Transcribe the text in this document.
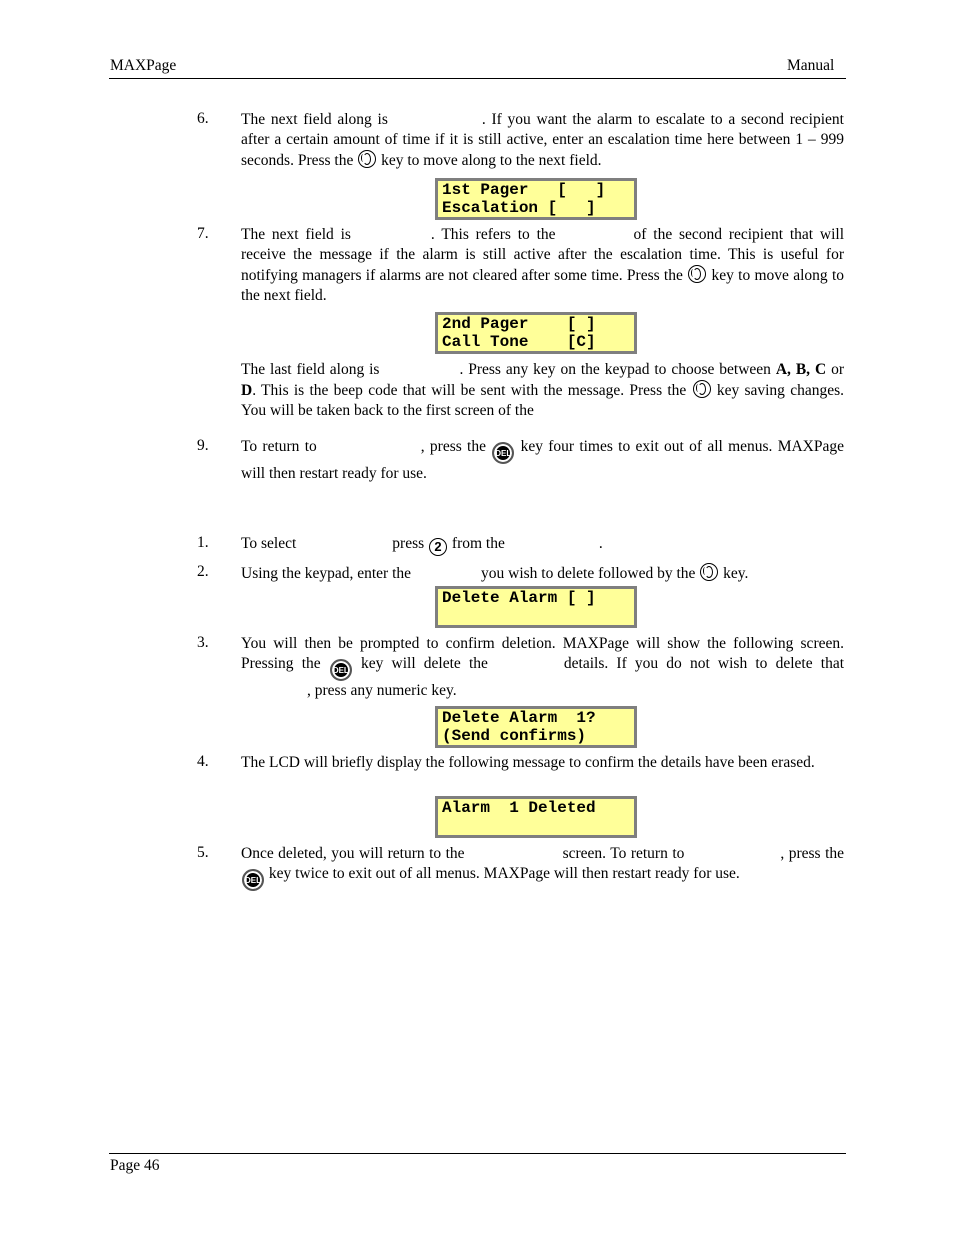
MAXPage	Manual
6. The next field along is	. If you want the alarm to escalate to a second recipient after a certain amount of time if it is still active, enter an escalation time here between 1 – 999 seconds. Press the key to move along to the next field.
1st Pager   [   ]
Escalation [   ]
7. The next field is	. This refers to the	of the second recipient that will receive the message if the alarm is still active after the escalation time. This is useful for notifying managers if alarms are not cleared after some time. Press the key to move along to the next field.
2nd Pager    [ ]
Call Tone    [C]
The last field along is	. Press any key on the keypad to choose between A, B, C or D. This is the beep code that will be sent with the message. Press the key saving changes. You will be taken back to the first screen of the
9. To return to	, press the DEL key four times to exit out of all menus. MAXPage will then restart ready for use.
1. To select	press 2 from the	.
2. Using the keypad, enter the	you wish to delete followed by the key.
Delete Alarm [ ]

3. You will then be prompted to confirm deletion. MAXPage will show the following screen. Pressing the DEL key will delete the	details. If you do not wish to delete that, press any numeric key.
Delete Alarm  1?
(Send confirms)
4. The LCD will briefly display the following message to confirm the details have been erased.
Alarm  1 Deleted

5. Once deleted, you will return to the	screen. To return to	, press the DEL key twice to exit out of all menus. MAXPage will then restart ready for use.
Page 46
